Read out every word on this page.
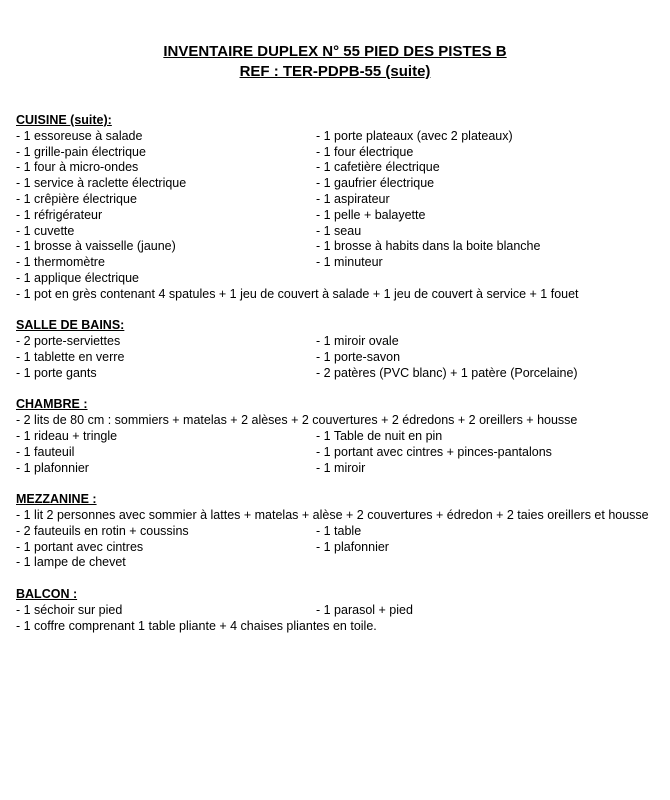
INVENTAIRE DUPLEX N° 55 PIED DES PISTES B
REF : TER-PDPB-55 (suite)
CUISINE (suite):
- 1 essoreuse à salade	- 1 porte plateaux (avec 2 plateaux)
- 1 grille-pain électrique	- 1 four électrique
- 1 four à micro-ondes	- 1 cafetière électrique
- 1 service à raclette électrique	- 1 gaufrier électrique
- 1 crêpière électrique	- 1 aspirateur
- 1 réfrigérateur	- 1 pelle + balayette
- 1 cuvette	- 1 seau
- 1 brosse à vaisselle (jaune)	- 1 brosse à habits dans la boite blanche
- 1 thermomètre	- 1 minuteur
- 1 applique électrique
- 1 pot en grès contenant 4 spatules + 1 jeu de couvert à salade + 1 jeu de couvert à service + 1 fouet
SALLE DE BAINS:
- 2 porte-serviettes	- 1 miroir ovale
- 1 tablette en verre	- 1 porte-savon
- 1 porte gants	- 2 patères (PVC blanc) + 1 patère (Porcelaine)
CHAMBRE :
- 2 lits de 80 cm : sommiers + matelas + 2 alèses + 2 couvertures + 2 édredons + 2 oreillers + housse
- 1 rideau + tringle	- 1 Table de nuit en pin
- 1 fauteuil	- 1 portant avec cintres + pinces-pantalons
- 1 plafonnier	- 1 miroir
MEZZANINE :
- 1 lit 2 personnes avec sommier à lattes + matelas + alèse + 2 couvertures + édredon + 2 taies oreillers et housse
- 2 fauteuils en rotin + coussins	- 1 table
- 1 portant avec cintres	- 1 plafonnier
- 1 lampe de chevet
BALCON :
- 1 séchoir sur pied	- 1 parasol + pied
- 1 coffre comprenant 1 table pliante + 4 chaises pliantes en toile.
